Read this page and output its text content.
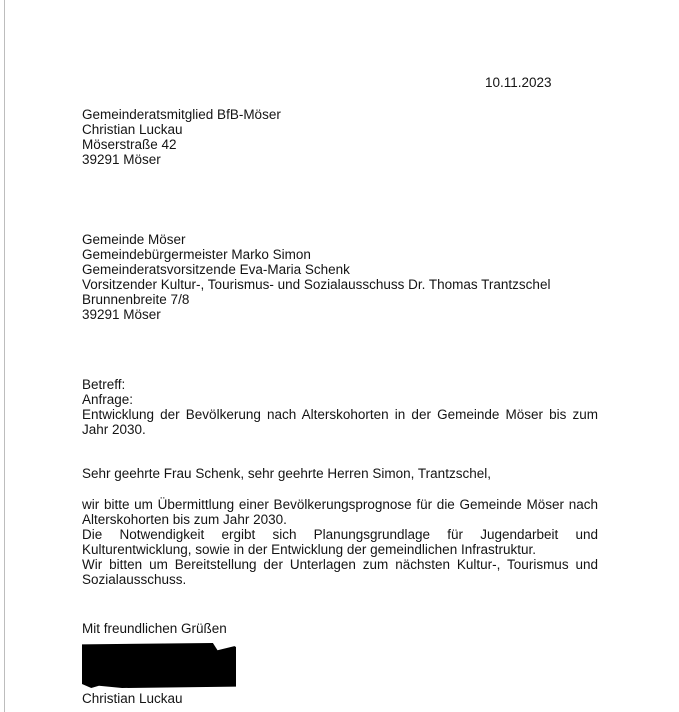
10.11.2023
Gemeinderatsmitglied BfB-Möser
Christian Luckau
Möserstraße 42
39291 Möser
Gemeinde Möser
Gemeindebürgermeister Marko Simon
Gemeinderatsvorsitzende Eva-Maria Schenk
Vorsitzender Kultur-, Tourismus- und Sozialausschuss Dr. Thomas Trantzschel
Brunnenbreite 7/8
39291 Möser
Betreff:
Anfrage:
Entwicklung der Bevölkerung nach Alterskohorten in der Gemeinde Möser bis zum
Jahr 2030.
Sehr geehrte Frau Schenk, sehr geehrte Herren Simon, Trantzschel,
wir bitte um Übermittlung einer Bevölkerungsprognose für die Gemeinde Möser nach
Alterskohorten bis zum Jahr 2030.
Die Notwendigkeit ergibt sich Planungsgrundlage für Jugendarbeit und
Kulturentwicklung, sowie in der Entwicklung der gemeindlichen Infrastruktur.
Wir bitten um Bereitstellung der Unterlagen zum nächsten Kultur-, Tourismus und
Sozialausschuss.
Mit freundlichen Grüßen
Christian Luckau
